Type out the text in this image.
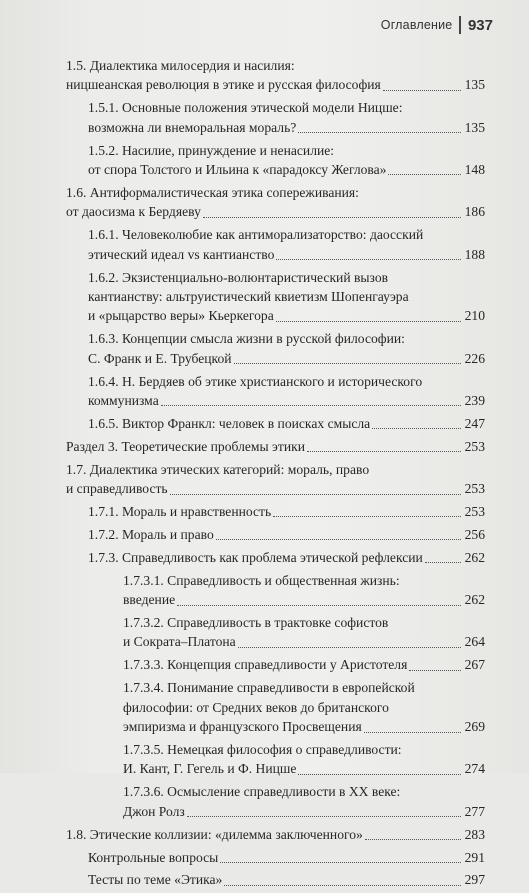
Оглавление 937
1.5. Диалектика милосердия и насилия:
ницшеанская революция в этике и русская философия	135
1.5.1. Основные положения этической модели Ницше:
возможна ли внеморальная мораль?	135
1.5.2. Насилие, принуждение и ненасилие:
от спора Толстого и Ильина к «парадоксу Жеглова»	148
1.6. Антиформалистическая этика сопереживания:
от даосизма к Бердяеву	186
1.6.1. Человеколюбие как антиморализаторство: даосский
этический идеал vs кантианство	188
1.6.2. Экзистенциально-волюнтаристический вызов
кантианству: альтруистический квиетизм Шопенгауэра
и «рыцарство веры» Кьеркегора	210
1.6.3. Концепции смысла жизни в русской философии:
С. Франк и Е. Трубецкой	226
1.6.4. Н. Бердяев об этике христианского и исторического
коммунизма	239
1.6.5. Виктор Франкл: человек в поисках смысла	247
Раздел 3. Теоретические проблемы этики	253
1.7. Диалектика этических категорий: мораль, право
и справедливость	253
1.7.1. Мораль и нравственность	253
1.7.2. Мораль и право	256
1.7.3. Справедливость как проблема этической рефлексии	262
1.7.3.1. Справедливость и общественная жизнь:
введение	262
1.7.3.2. Справедливость в трактовке софистов
и Сократа–Платона	264
1.7.3.3. Концепция справедливости у Аристотеля	267
1.7.3.4. Понимание справедливости в европейской
философии: от Средних веков до британского
эмпиризма и французского Просвещения	269
1.7.3.5. Немецкая философия о справедливости:
И. Кант, Г. Гегель и Ф. Ницше	274
1.7.3.6. Осмысление справедливости в XX веке:
Джон Ролз	277
1.8. Этические коллизии: «дилемма заключенного»	283
Контрольные вопросы	291
Тесты по теме «Этика»	297
